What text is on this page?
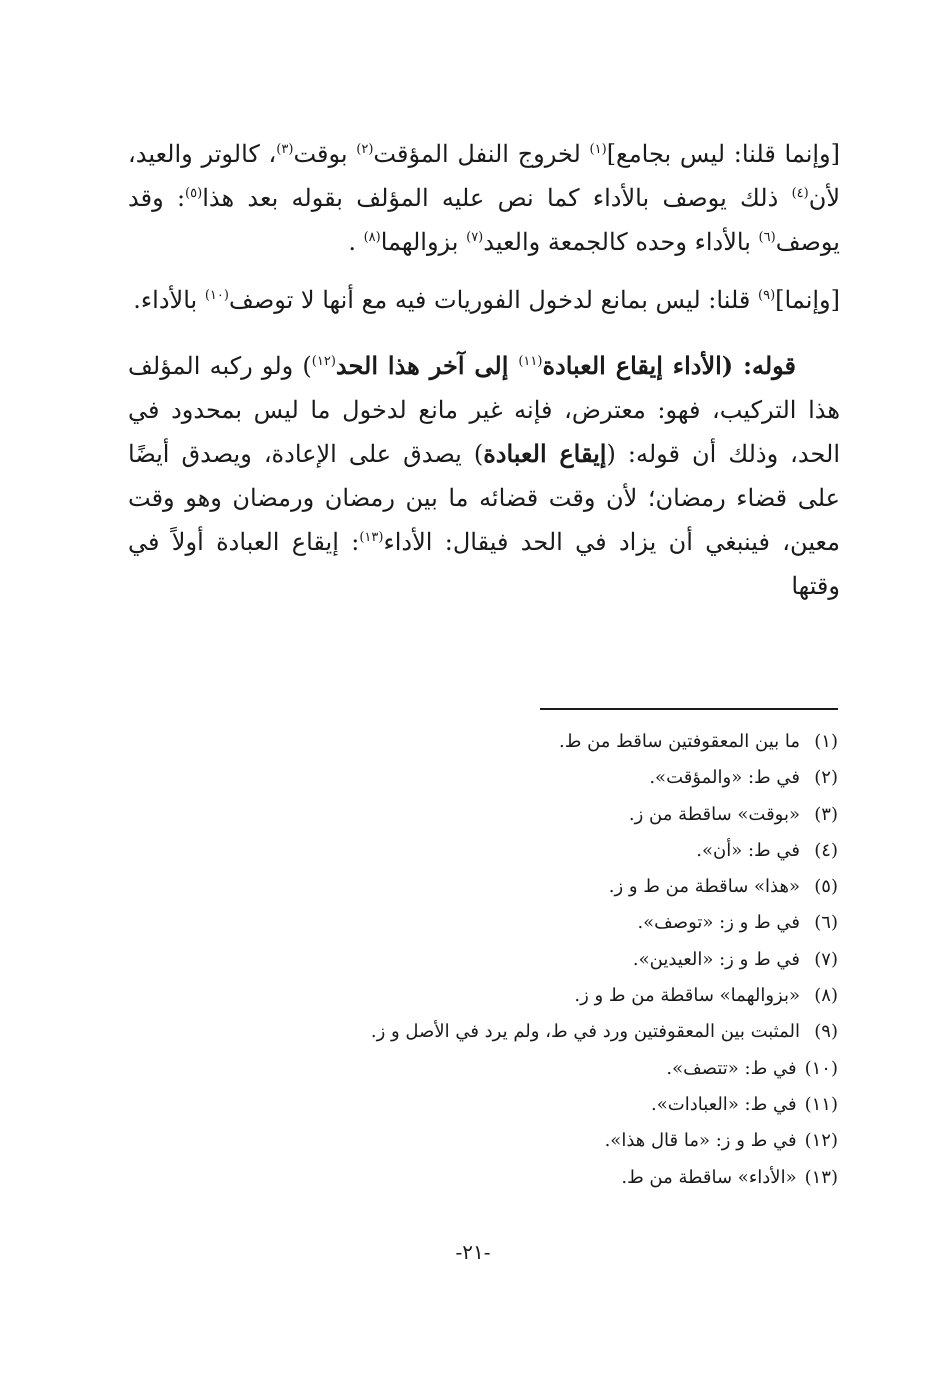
[وإنما قلنا: ليس بجامع]$^{(١)}$ لخروج النفل المؤقت$^{(٢)}$ بوقت$^{(٣)}$، كالوتر والعيد، لأن$^{(٤)}$ ذلك يوصف بالأداء كما نص عليه المؤلف بقوله بعد هذا$^{(٥)}$: وقد يوصف$^{(٦)}$ بالأداء وحده كالجمعة والعيد$^{(٧)}$ بزوالهما$^{(٨)}$ .

[وإنما]$^{(٩)}$ قلنا: ليس بمانع لدخول الفوريات فيه مع أنها لا توصف$^{(١٠)}$ بالأداء.

قوله: (الأداء إيقاع العبادة$^{(١١)}$ إلى آخر هذا الحد$^{(١٢)}$) ولو ركبه المؤلف هذا التركيب، فهو: معترض، فإنه غير مانع لدخول ما ليس بمحدود في الحد، وذلك أن قوله: (إيقاع العبادة) يصدق على الإعادة، ويصدق أيضًا على قضاء رمضان؛ لأن وقت قضائه ما بين رمضان ورمضان وهو وقت معين، فينبغي أن يزاد في الحد فيقال: الأداء$^{(١٣)}$: إيقاع العبادة أولاً في وقتها

(١)ما بين المعقوفتين ساقط من ط.
(٢)في ط: «والمؤقت».
(٣)«بوقت» ساقطة من ز.
(٤)في ط: «أن».
(٥)«هذا» ساقطة من ط و ز.
(٦)في ط و ز: «توصف».
(٧)في ط و ز: «العيدين».
(٨)«بزوالهما» ساقطة من ط و ز.
(٩)المثبت بين المعقوفتين ورد في ط، ولم يرد في الأصل و ز.
(١٠)في ط: «تتصف».
(١١)في ط: «العبادات».
(١٢)في ط و ز: «ما قال هذا».
(١٣)«الأداء» ساقطة من ط.
-٢١-
